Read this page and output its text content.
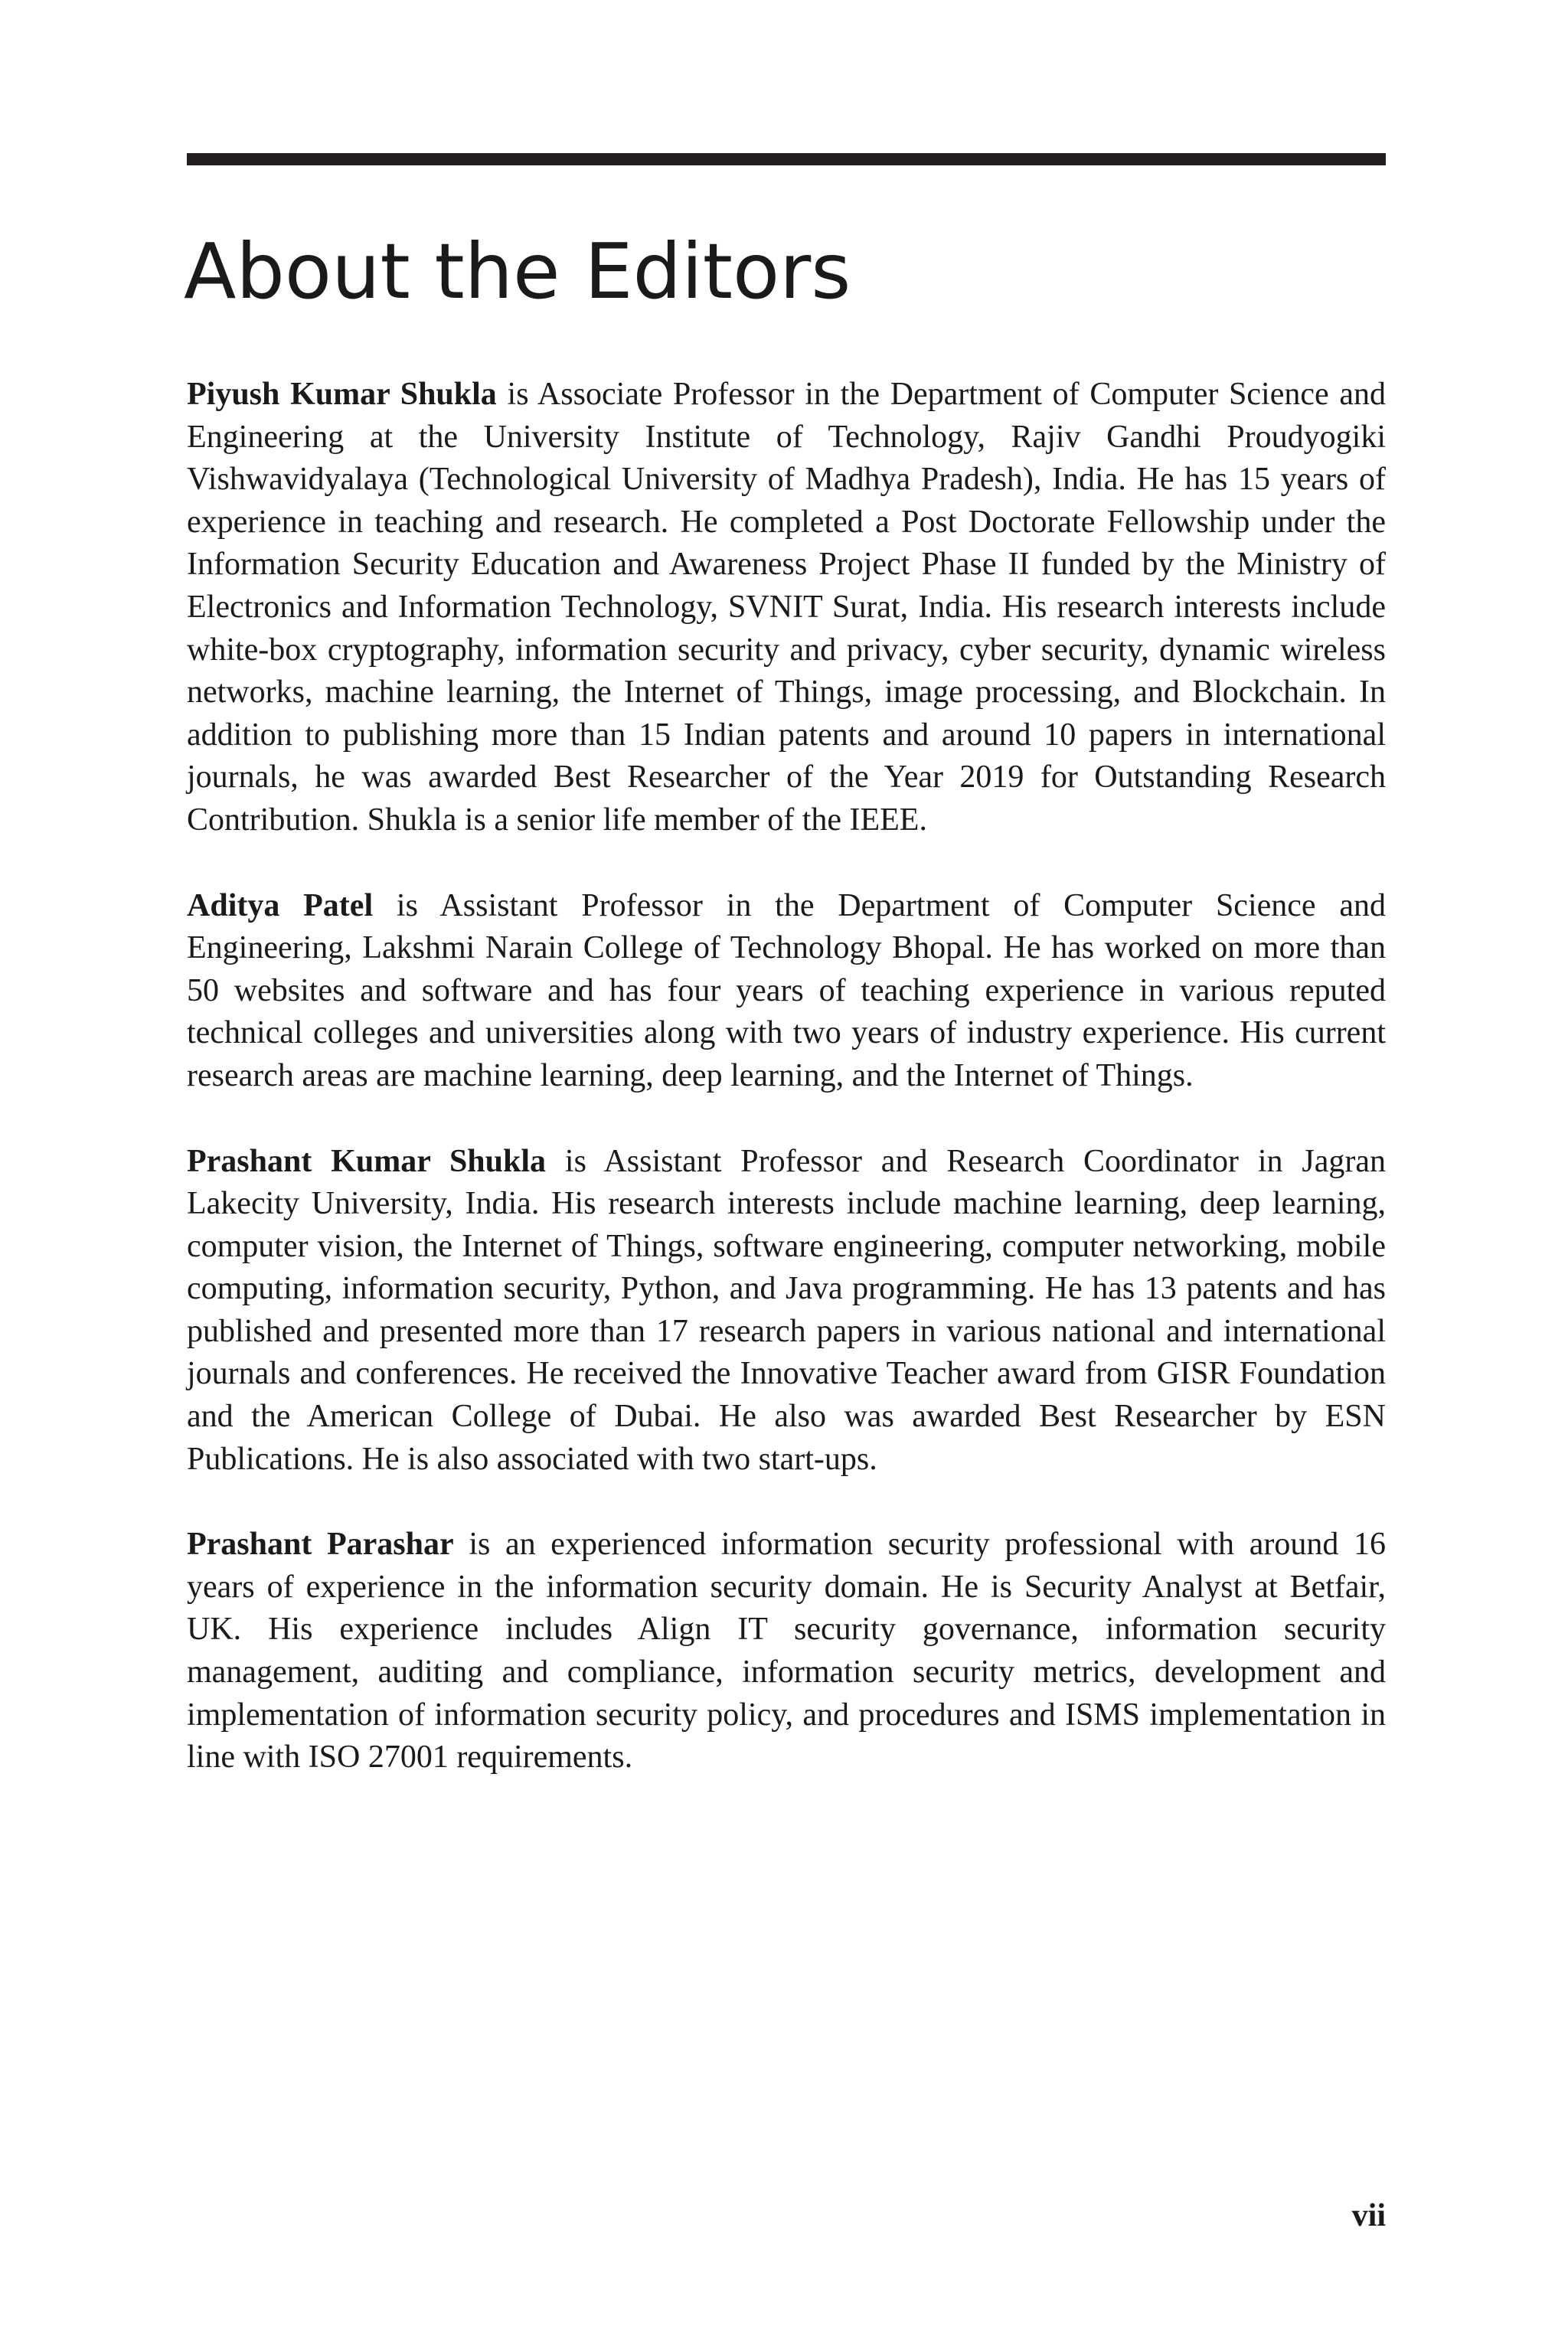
About the Editors

Piyush Kumar Shukla is Associate Professor in the Department of Computer Science and Engineering at the University Institute of Technology, Rajiv Gandhi Proudyogiki Vishwavidyalaya (Technological University of Madhya Pradesh), India. He has 15 years of experience in teaching and research. He completed a Post Doctorate Fellowship under the Information Security Education and Awareness Project Phase II funded by the Ministry of Electronics and Information Technology, SVNIT Surat, India. His research interests include white-box cryptography, information security and privacy, cyber security, dynamic wireless networks, machine learning, the Internet of Things, image processing, and Blockchain. In addition to publishing more than 15 Indian patents and around 10 papers in international journals, he was awarded Best Researcher of the Year 2019 for Outstanding Research Contribution. Shukla is a senior life member of the IEEE.

Aditya Patel is Assistant Professor in the Department of Computer Science and Engineering, Lakshmi Narain College of Technology Bhopal. He has worked on more than 50 websites and software and has four years of teaching experience in various reputed technical colleges and universities along with two years of industry experience. His current research areas are machine learning, deep learning, and the Internet of Things.

Prashant Kumar Shukla is Assistant Professor and Research Coordinator in Jagran Lakecity University, India. His research interests include machine learning, deep learning, computer vision, the Internet of Things, software engineering, computer networking, mobile computing, information security, Python, and Java programming. He has 13 patents and has published and presented more than 17 research papers in various national and international journals and conferences. He received the Innovative Teacher award from GISR Foundation and the American College of Dubai. He also was awarded Best Researcher by ESN Publications. He is also associated with two start-ups.

Prashant Parashar is an experienced information security professional with around 16 years of experience in the information security domain. He is Security Analyst at Betfair, UK. His experience includes Align IT security governance, information security management, auditing and compliance, information security metrics, development and implementation of information security policy, and procedures and ISMS implementation in line with ISO 27001 requirements.

vii
